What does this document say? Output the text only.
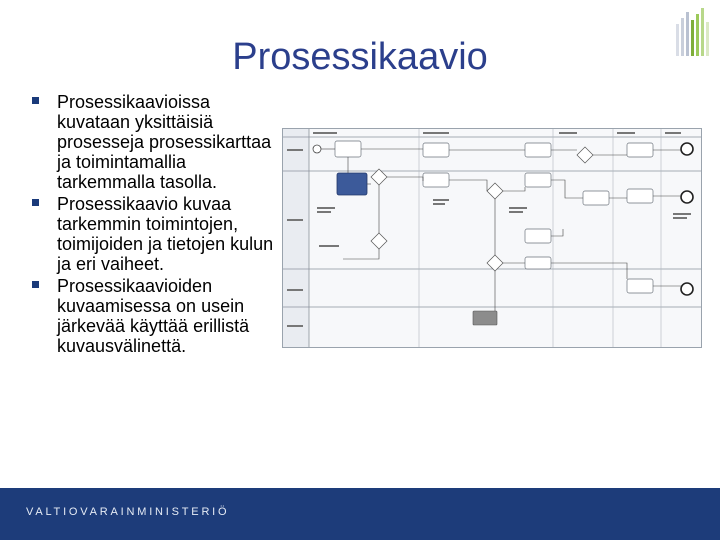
Prosessikaavio
Prosessikaavioissa kuvataan yksittäisiä prosesseja prosessikarttaa ja toimintamallia tarkemmalla tasolla.
Prosessikaavio kuvaa tarkemmin toimintojen, toimijoiden ja tietojen kulun ja eri vaiheet.
Prosessikaavioiden kuvaamisessa on usein järkevää käyttää erillistä kuvausvälinettä.
VALTIOVARAINMINISTERIÖ
